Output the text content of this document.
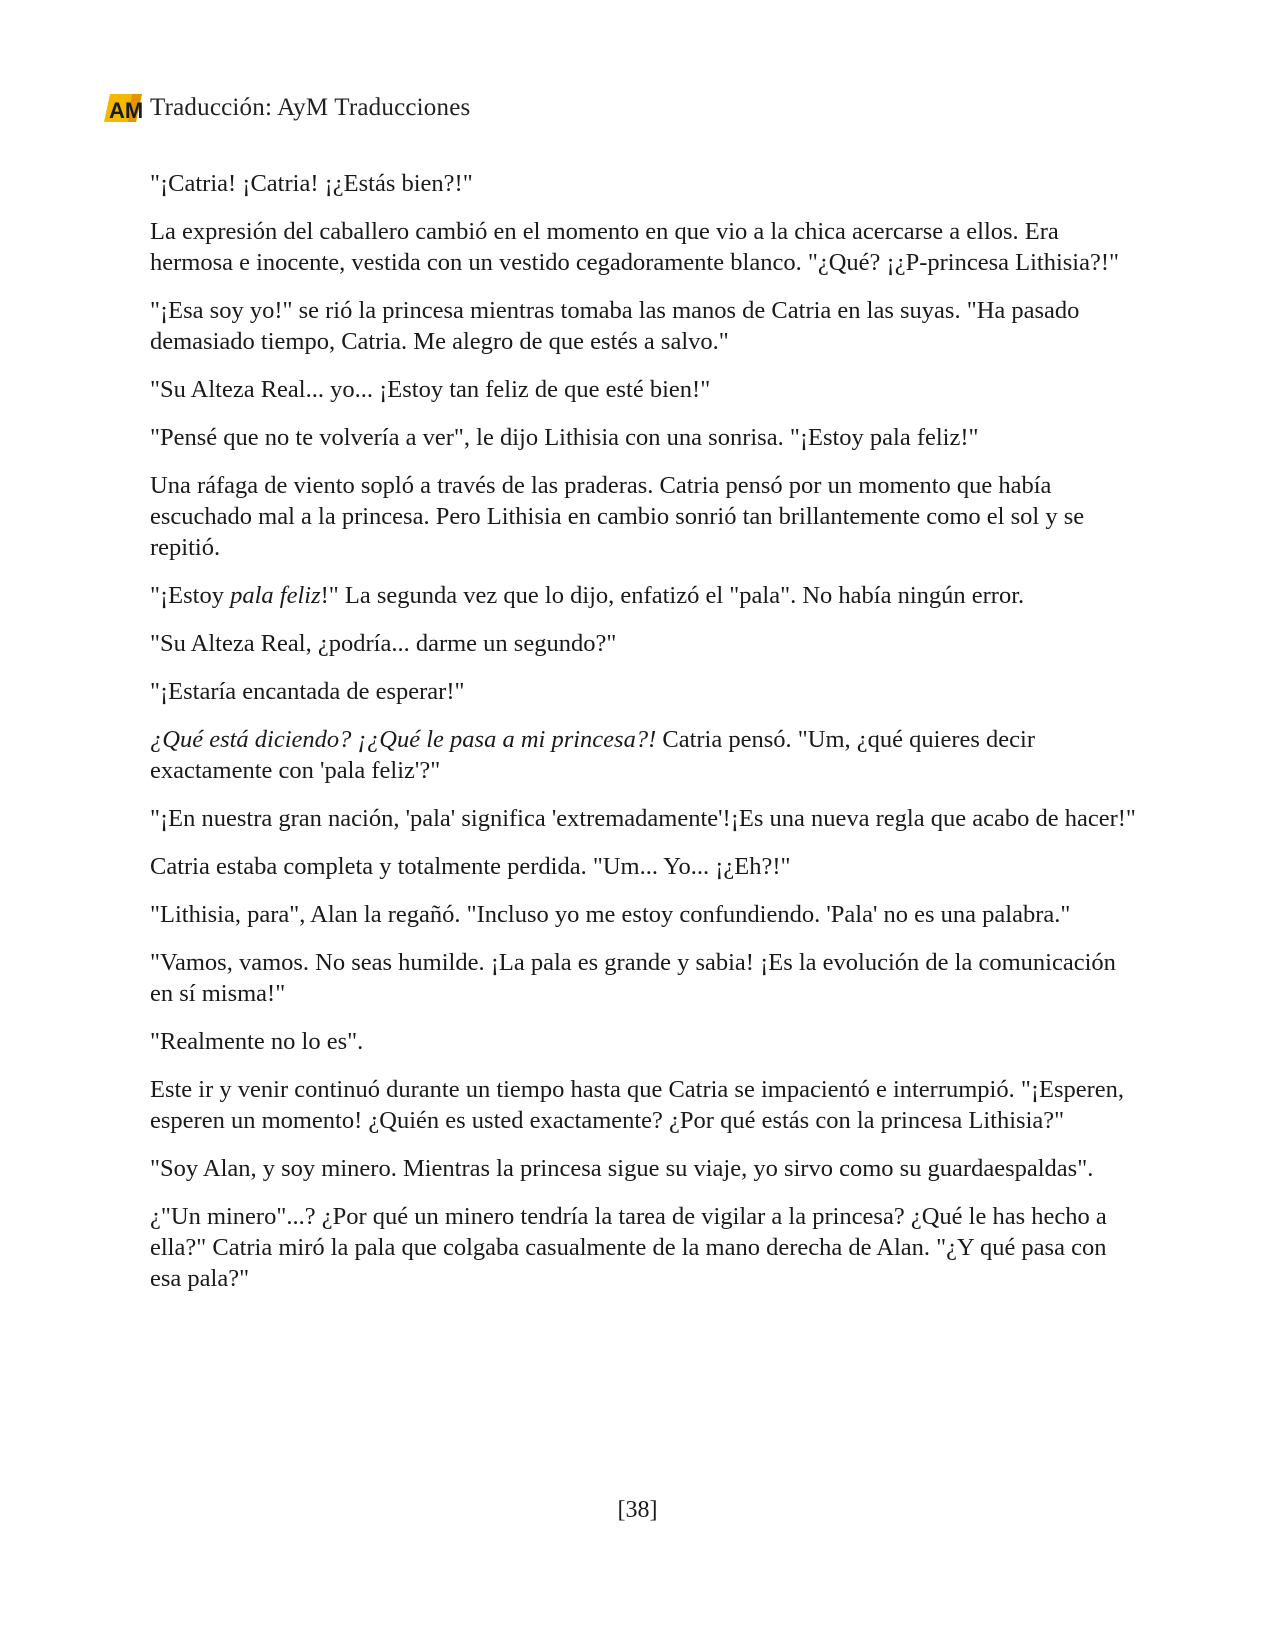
AM Traducción: AyM Traducciones

"¡Catria! ¡Catria! ¡¿Estás bien?!"

La expresión del caballero cambió en el momento en que vio a la chica acercarse a ellos. Era hermosa e inocente, vestida con un vestido cegadoramente blanco. "¿Qué? ¡¿P-princesa Lithisia?!"

"¡Esa soy yo!" se rió la princesa mientras tomaba las manos de Catria en las suyas. "Ha pasado demasiado tiempo, Catria. Me alegro de que estés a salvo."

"Su Alteza Real... yo... ¡Estoy tan feliz de que esté bien!"

"Pensé que no te volvería a ver", le dijo Lithisia con una sonrisa. "¡Estoy pala feliz!"

Una ráfaga de viento sopló a través de las praderas. Catria pensó por un momento que había escuchado mal a la princesa. Pero Lithisia en cambio sonrió tan brillantemente como el sol y se repitió.

"¡Estoy pala feliz!" La segunda vez que lo dijo, enfatizó el "pala". No había ningún error.

"Su Alteza Real, ¿podría... darme un segundo?"

"¡Estaría encantada de esperar!"

¿Qué está diciendo? ¡¿Qué le pasa a mi princesa?! Catria pensó. "Um, ¿qué quieres decir exactamente con 'pala feliz'?"

"¡En nuestra gran nación, 'pala' significa 'extremadamente'!¡Es una nueva regla que acabo de hacer!"

Catria estaba completa y totalmente perdida. "Um... Yo... ¡¿Eh?!"

"Lithisia, para", Alan la regañó. "Incluso yo me estoy confundiendo. 'Pala' no es una palabra."

"Vamos, vamos. No seas humilde. ¡La pala es grande y sabia! ¡Es la evolución de la comunicación en sí misma!"

"Realmente no lo es".

Este ir y venir continuó durante un tiempo hasta que Catria se impacientó e interrumpió. "¡Esperen, esperen un momento! ¿Quién es usted exactamente? ¿Por qué estás con la princesa Lithisia?"

"Soy Alan, y soy minero. Mientras la princesa sigue su viaje, yo sirvo como su guardaespaldas".

¿"Un minero"...? ¿Por qué un minero tendría la tarea de vigilar a la princesa? ¿Qué le has hecho a ella?" Catria miró la pala que colgaba casualmente de la mano derecha de Alan. "¿Y qué pasa con esa pala?"

[38]
